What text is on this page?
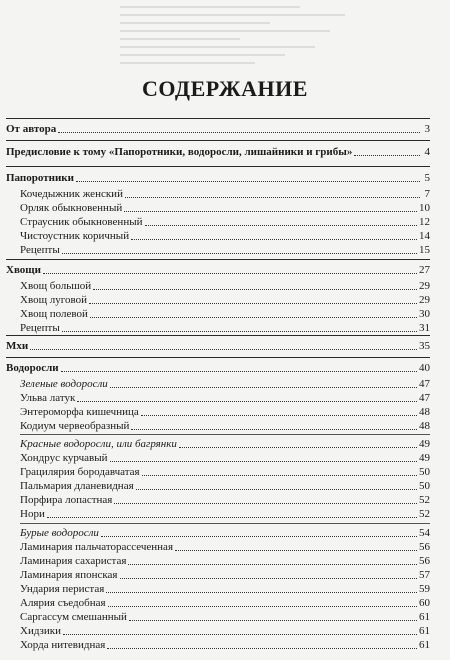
СОДЕРЖАНИЕ
От автора	3
Предисловие к тому «Папоротники, водоросли, лишайники и грибы»	4
Папоротники	5
Кочедыжник женский	7
Орляк обыкновенный	10
Страусник обыкновенный	12
Чистоустник коричный	14
Рецепты	15
Хвощи	27
Хвощ большой	29
Хвощ луговой	29
Хвощ полевой	30
Рецепты	31
Мхи	35
Водоросли	40
Зеленые водоросли	47
Ульва латук	47
Энтероморфа кишечница	48
Кодиум червеобразный	48
Красные водоросли, или багрянки	49
Хондрус курчавый	49
Грацилярия бородавчатая	50
Пальмария дланевидная	50
Порфира лопастная	52
Нори	52
Бурые водоросли	54
Ламинария пальчаторассеченная	56
Ламинария сахаристая	56
Ламинария японская	57
Ундария перистая	59
Алярия съедобная	60
Саргассум смешанный	61
Хидзики	61
Хорда нитевидная	61
